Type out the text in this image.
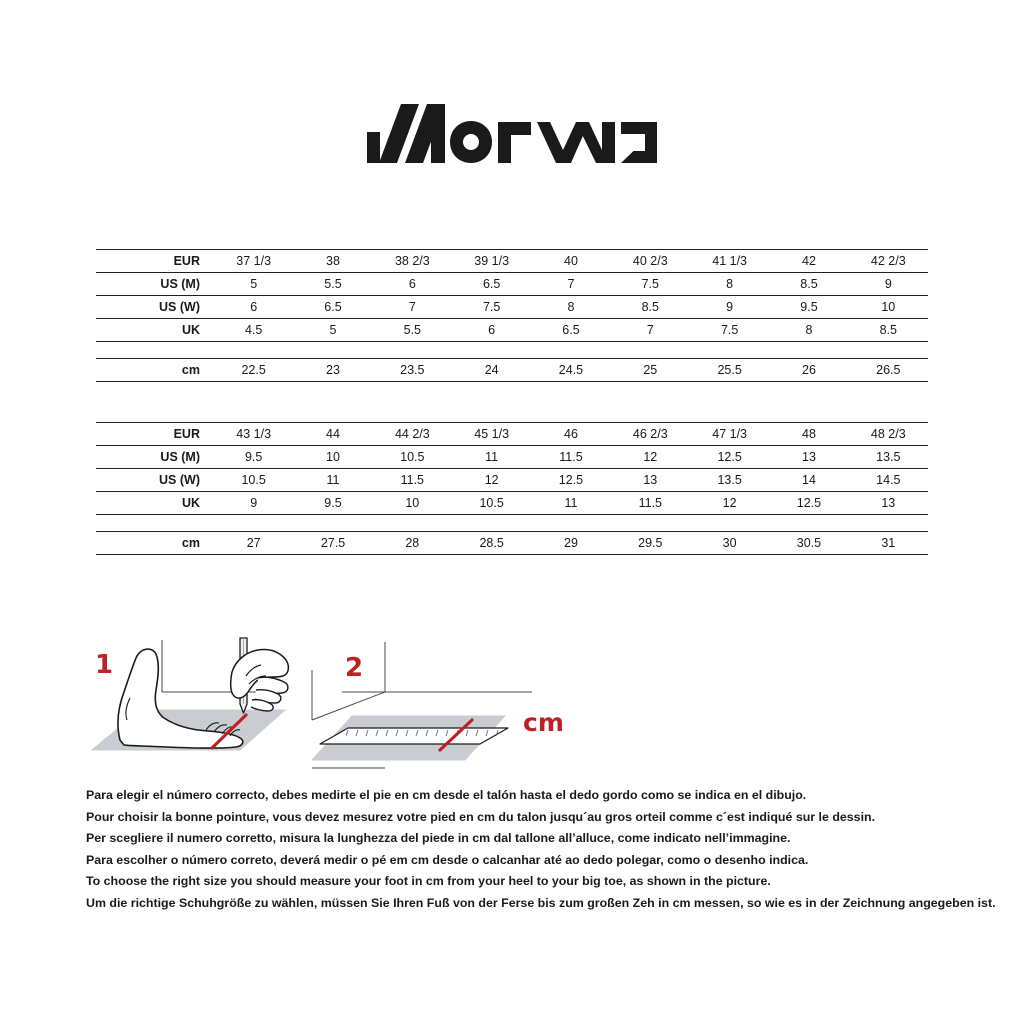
EUR	37 1/3	38	38 2/3	39 1/3	40	40 2/3	41 1/3	42	42 2/3
US (M)	5	5.5	6	6.5	7	7.5	8	8.5	9
US (W)	6	6.5	7	7.5	8	8.5	9	9.5	10
UK	4.5	5	5.5	6	6.5	7	7.5	8	8.5

cm	22.5	23	23.5	24	24.5	25	25.5	26	26.5
EUR	43 1/3	44	44 2/3	45 1/3	46	46 2/3	47 1/3	48	48 2/3
US (M)	9.5	10	10.5	11	11.5	12	12.5	13	13.5
US (W)	10.5	11	11.5	12	12.5	13	13.5	14	14.5
UK	9	9.5	10	10.5	11	11.5	12	12.5	13

cm	27	27.5	28	28.5	29	29.5	30	30.5	31
1	2
cm

Para elegir el número correcto, debes medirte el pie en cm desde el talón hasta el dedo gordo como se indica en el dibujo.

Pour choisir la bonne pointure, vous devez mesurez votre pied en cm du talon jusqu´au gros orteil comme c´est indiqué sur le dessin.

Per scegliere il numero corretto, misura la lunghezza del piede in cm dal tallone all’alluce, come indicato nell’immagine.

Para escolher o número correto, deverá medir o pé em cm desde o calcanhar até ao dedo polegar, como o desenho indica.

To choose the right size you should measure your foot in cm from your heel to your big toe, as shown in the picture.

Um die richtige Schuhgröße zu wählen, müssen Sie Ihren Fuß von der Ferse bis zum großen Zeh in cm messen, so wie es in der Zeichnung angegeben ist.
